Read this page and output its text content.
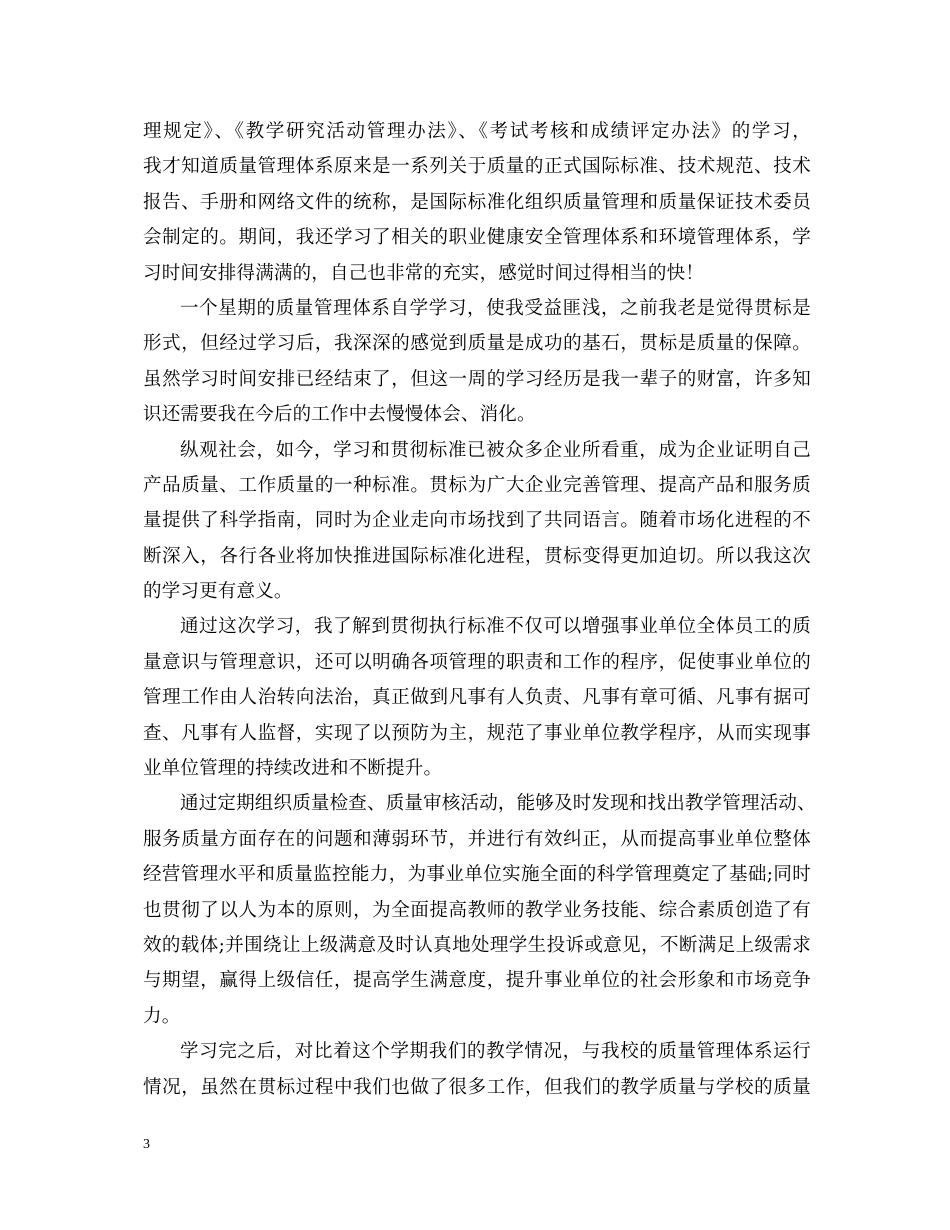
理规定》、《教学研究活动管理办法》、《考试考核和成绩评定办法》的学习，
我才知道质量管理体系原来是一系列关于质量的正式国际标准、技术规范、技术
报告、手册和网络文件的统称，是国际标准化组织质量管理和质量保证技术委员
会制定的。期间，我还学习了相关的职业健康安全管理体系和环境管理体系，学
习时间安排得满满的，自己也非常的充实，感觉时间过得相当的快！
一个星期的质量管理体系自学学习，使我受益匪浅，之前我老是觉得贯标是
形式，但经过学习后，我深深的感觉到质量是成功的基石，贯标是质量的保障。
虽然学习时间安排已经结束了，但这一周的学习经历是我一辈子的财富，许多知
识还需要我在今后的工作中去慢慢体会、消化。
纵观社会，如今，学习和贯彻标准已被众多企业所看重，成为企业证明自己
产品质量、工作质量的一种标准。贯标为广大企业完善管理、提高产品和服务质
量提供了科学指南，同时为企业走向市场找到了共同语言。随着市场化进程的不
断深入，各行各业将加快推进国际标准化进程，贯标变得更加迫切。所以我这次
的学习更有意义。
通过这次学习，我了解到贯彻执行标准不仅可以增强事业单位全体员工的质
量意识与管理意识，还可以明确各项管理的职责和工作的程序，促使事业单位的
管理工作由人治转向法治，真正做到凡事有人负责、凡事有章可循、凡事有据可
查、凡事有人监督，实现了以预防为主，规范了事业单位教学程序，从而实现事
业单位管理的持续改进和不断提升。
通过定期组织质量检查、质量审核活动，能够及时发现和找出教学管理活动、
服务质量方面存在的问题和薄弱环节，并进行有效纠正，从而提高事业单位整体
经营管理水平和质量监控能力，为事业单位实施全面的科学管理奠定了基础;同时
也贯彻了以人为本的原则，为全面提高教师的教学业务技能、综合素质创造了有
效的载体;并围绕让上级满意及时认真地处理学生投诉或意见，不断满足上级需求
与期望，赢得上级信任，提高学生满意度，提升事业单位的社会形象和市场竞争
力。
学习完之后，对比着这个学期我们的教学情况，与我校的质量管理体系运行
情况，虽然在贯标过程中我们也做了很多工作，但我们的教学质量与学校的质量
3
